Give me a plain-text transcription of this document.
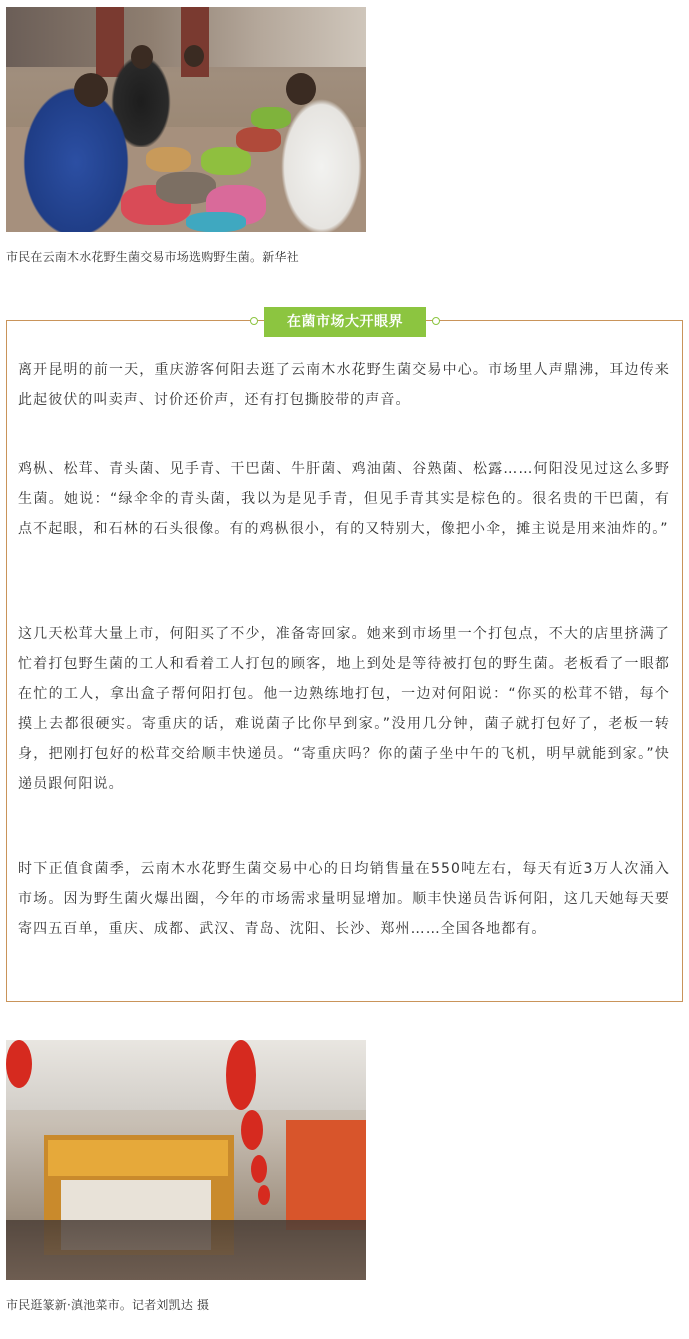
市民在云南木水花野生菌交易市场选购野生菌。新华社
在菌市场大开眼界

离开昆明的前一天，重庆游客何阳去逛了云南木水花野生菌交易中心。市场里人声鼎沸，耳边传来此起彼伏的叫卖声、讨价还价声，还有打包撕胶带的声音。

鸡枞、松茸、青头菌、见手青、干巴菌、牛肝菌、鸡油菌、谷熟菌、松露……何阳没见过这么多野生菌。她说：“绿伞伞的青头菌，我以为是见手青，但见手青其实是棕色的。很名贵的干巴菌，有点不起眼，和石林的石头很像。有的鸡枞很小，有的又特别大，像把小伞，摊主说是用来油炸的。”

这几天松茸大量上市，何阳买了不少，准备寄回家。她来到市场里一个打包点，不大的店里挤满了忙着打包野生菌的工人和看着工人打包的顾客，地上到处是等待被打包的野生菌。老板看了一眼都在忙的工人，拿出盒子帮何阳打包。他一边熟练地打包，一边对何阳说：“你买的松茸不错，每个摸上去都很硬实。寄重庆的话，难说菌子比你早到家。”没用几分钟，菌子就打包好了，老板一转身，把刚打包好的松茸交给顺丰快递员。“寄重庆吗？你的菌子坐中午的飞机，明早就能到家。”快递员跟何阳说。

时下正值食菌季，云南木水花野生菌交易中心的日均销售量在550吨左右，每天有近3万人次涌入市场。因为野生菌火爆出圈，今年的市场需求量明显增加。顺丰快递员告诉何阳，这几天她每天要寄四五百单，重庆、成都、武汉、青岛、沈阳、长沙、郑州……全国各地都有。

市民逛篆新·滇池菜市。记者刘凯达 摄
